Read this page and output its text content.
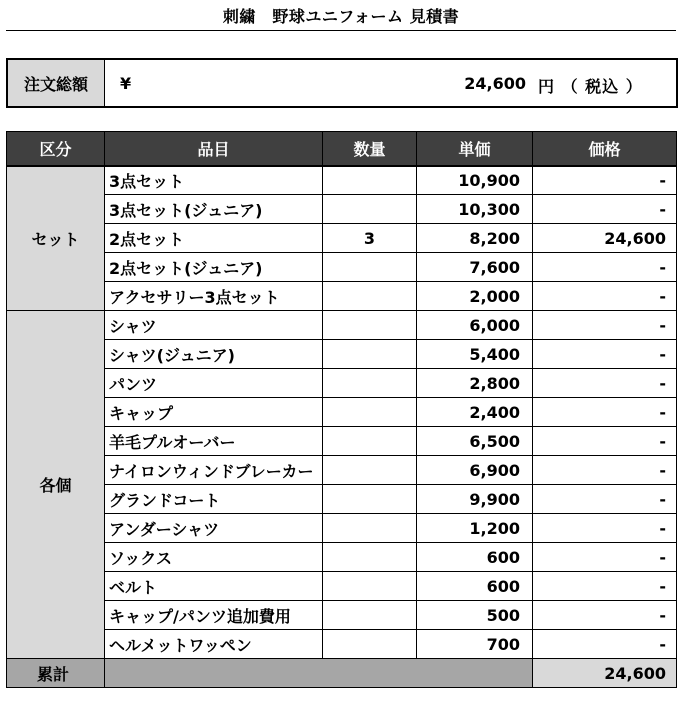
刺繍　野球ユニフォーム 見積書
注文総額	¥	24,600 円 （ 税込 ）
区分	品目	数量	単価	価格
セット	3点セット		10,900	-
	3点セット(ジュニア)		10,300	-
	2点セット	3	8,200	24,600
	2点セット(ジュニア)		7,600	-
	アクセサリー3点セット		2,000	-
各個	シャツ		6,000	-
	シャツ(ジュニア)		5,400	-
	パンツ		2,800	-
	キャップ		2,400	-
	羊毛プルオーバー		6,500	-
	ナイロンウィンドブレーカー		6,900	-
	グランドコート		9,900	-
	アンダーシャツ		1,200	-
	ソックス		600	-
	ベルト		600	-
	キャップ/パンツ追加費用		500	-
	ヘルメットワッペン		700	-
累計				24,600
